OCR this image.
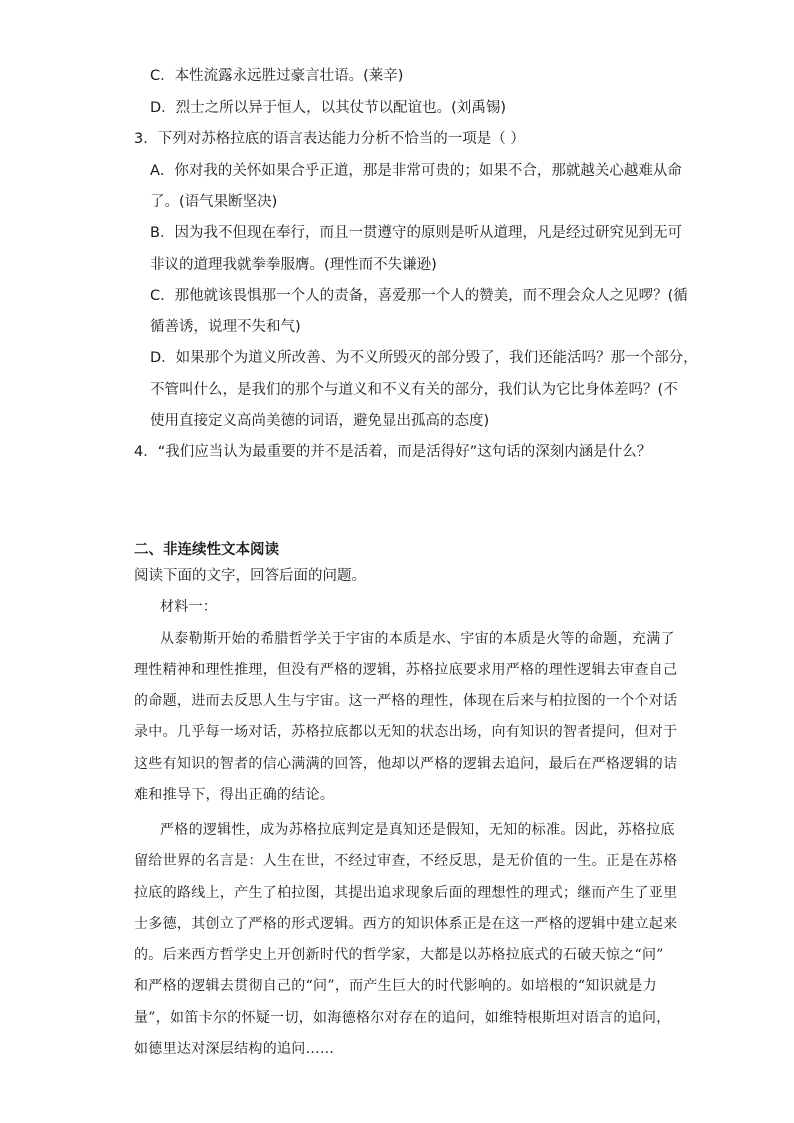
C．本性流露永远胜过豪言壮语。(莱辛)
D．烈士之所以异于恒人，以其仗节以配谊也。(刘禹锡)
3．下列对苏格拉底的语言表达能力分析不恰当的一项是（ ）
A．你对我的关怀如果合乎正道，那是非常可贵的；如果不合，那就越关心越难从命
了。(语气果断坚决)
B．因为我不但现在奉行，而且一贯遵守的原则是听从道理，凡是经过研究见到无可
非议的道理我就拳拳服膺。(理性而不失谦逊)
C．那他就该畏惧那一个人的责备，喜爱那一个人的赞美，而不理会众人之见啰？(循
循善诱，说理不失和气)
D．如果那个为道义所改善、为不义所毁灭的部分毁了，我们还能活吗？那一个部分，
不管叫什么，是我们的那个与道义和不义有关的部分，我们认为它比身体差吗？(不
使用直接定义高尚美德的词语，避免显出孤高的态度)
4．“我们应当认为最重要的并不是活着，而是活得好”这句话的深刻内涵是什么？
二、非连续性文本阅读
阅读下面的文字，回答后面的问题。
材料一：
从泰勒斯开始的希腊哲学关于宇宙的本质是水、宇宙的本质是火等的命题，充满了
理性精神和理性推理，但没有严格的逻辑，苏格拉底要求用严格的理性逻辑去审查自己
的命题，进而去反思人生与宇宙。这一严格的理性，体现在后来与柏拉图的一个个对话
录中。几乎每一场对话，苏格拉底都以无知的状态出场，向有知识的智者提问，但对于
这些有知识的智者的信心满满的回答，他却以严格的逻辑去追问，最后在严格逻辑的诘
难和推导下，得出正确的结论。
严格的逻辑性，成为苏格拉底判定是真知还是假知，无知的标准。因此，苏格拉底
留给世界的名言是：人生在世，不经过审查，不经反思，是无价值的一生。正是在苏格
拉底的路线上，产生了柏拉图，其提出追求现象后面的理想性的理式；继而产生了亚里
士多德，其创立了严格的形式逻辑。西方的知识体系正是在这一严格的逻辑中建立起来
的。后来西方哲学史上开创新时代的哲学家，大都是以苏格拉底式的石破天惊之“问”
和严格的逻辑去贯彻自己的“问”，而产生巨大的时代影响的。如培根的“知识就是力
量”，如笛卡尔的怀疑一切，如海德格尔对存在的追问，如维特根斯坦对语言的追问，
如德里达对深层结构的追问……
